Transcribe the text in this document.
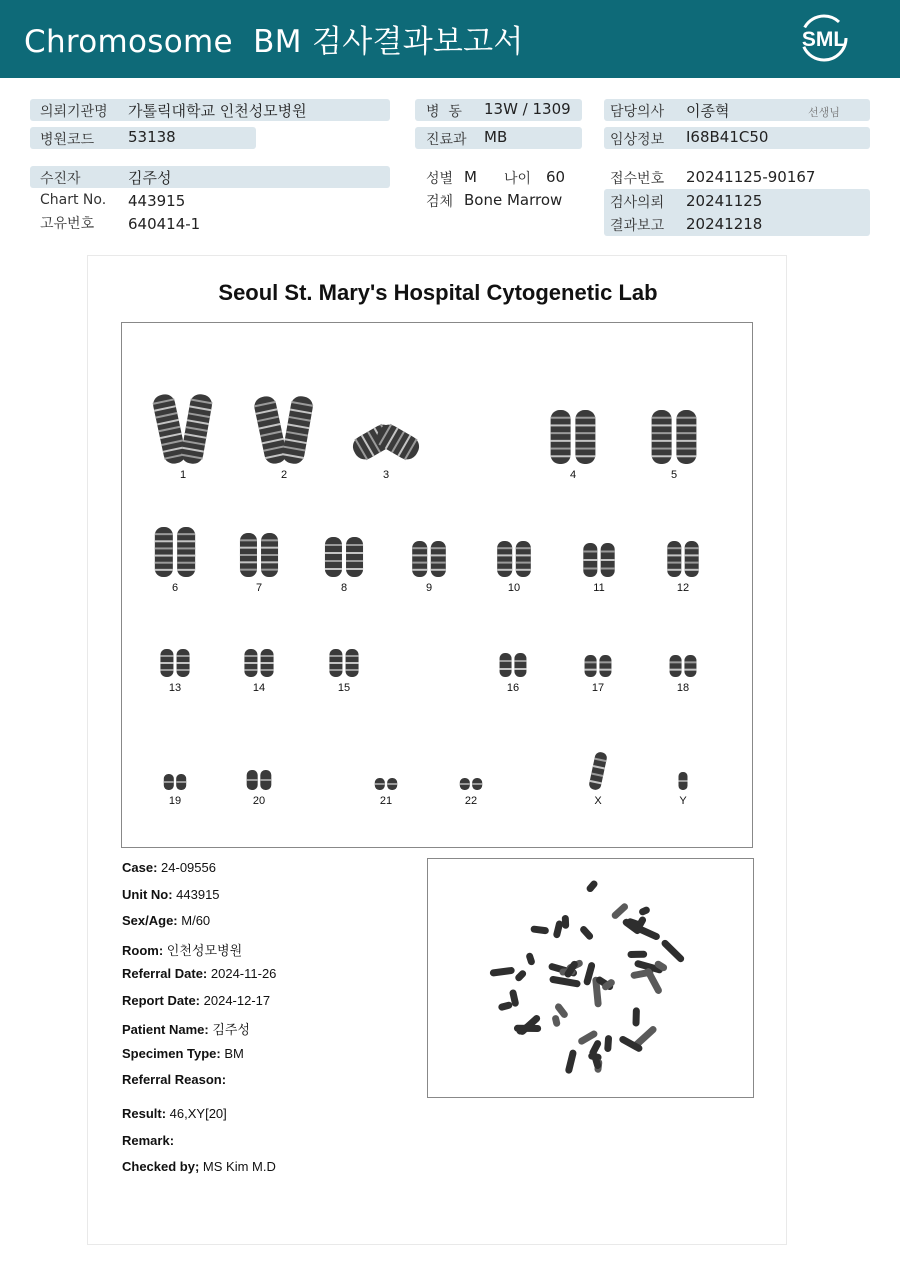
Chromosome  BM 검사결과보고서	SML
의뢰기관명 가톨릭대학교 인천성모병원
병원코드 53138
수진자	김주성
Chart No. 443915
고유번호 640414-1
병  동 13W / 1309
진료과 MB
성별 M 나이 60
검체 Bone Marrow
담당의사 이종혁	선생님
임상정보 I68B41C50
접수번호 20241125-90167
검사의뢰 20241125
결과보고 20241218
Seoul St. Mary's Hospital Cytogenetic Lab
1	2	3	4	5
6	7	8	9	10	11	12
13	14	15	16	17	18
19	20	21	22	X	Y
Case: 24-09556
Unit No: 443915
Sex/Age: M/60
Room: 인천성모병원
Referral Date: 2024-11-26
Report Date: 2024-12-17
Patient Name: 김주성
Specimen Type: BM
Referral Reason:
Result: 46,XY[20]
Remark:
Checked by; MS Kim M.D
